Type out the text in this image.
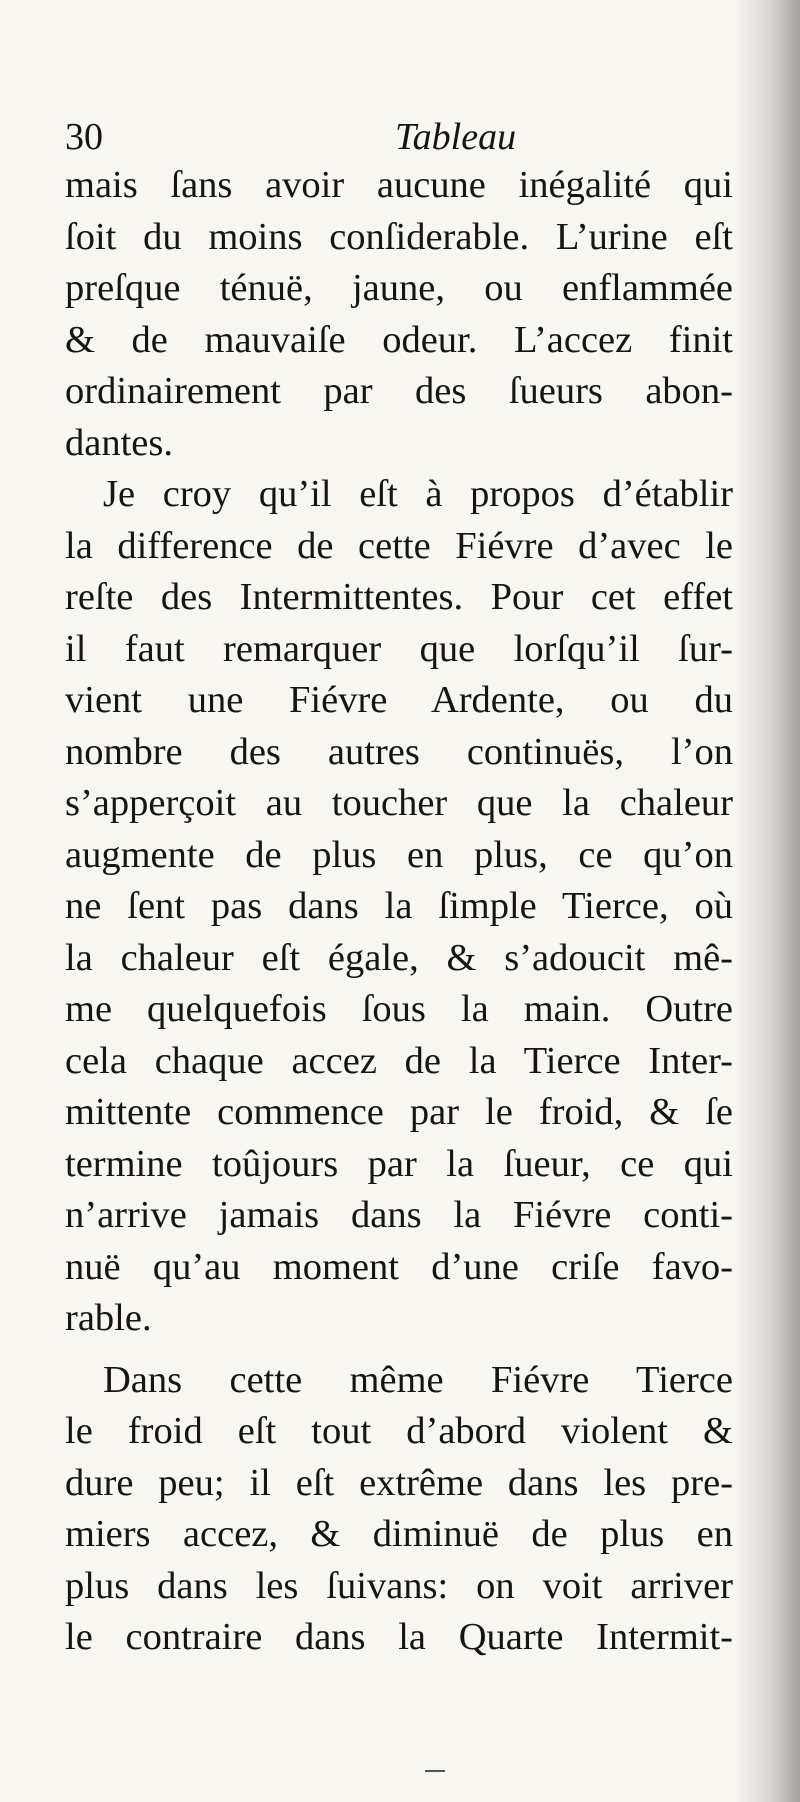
30	Tableau
mais ſans avoir aucune inégalité qui
ſoit du moins conſiderable. L’urine eſt
preſque ténuë, jaune, ou enflammée
& de mauvaiſe odeur. L’accez finit
ordinairement par des ſueurs abon-
dantes.
Je croy qu’il eſt à propos d’établir
la difference de cette Fiévre d’avec le
reſte des Intermittentes. Pour cet effet
il faut remarquer que lorſqu’il ſur-
vient une Fiévre Ardente, ou du
nombre des autres continuës, l’on
s’apperçoit au toucher que la chaleur
augmente de plus en plus, ce qu’on
ne ſent pas dans la ſimple Tierce, où
la chaleur eſt égale, & s’adoucit mê-
me quelquefois ſous la main. Outre
cela chaque accez de la Tierce Inter-
mittente commence par le froid, & ſe
termine toûjours par la ſueur, ce qui
n’arrive jamais dans la Fiévre conti-
nuë qu’au moment d’une criſe favo-
rable.
Dans cette même Fiévre Tierce
le froid eſt tout d’abord violent &
dure peu; il eſt extrême dans les pre-
miers accez, & diminuë de plus en
plus dans les ſuivans: on voit arriver
le contraire dans la Quarte Intermit-
